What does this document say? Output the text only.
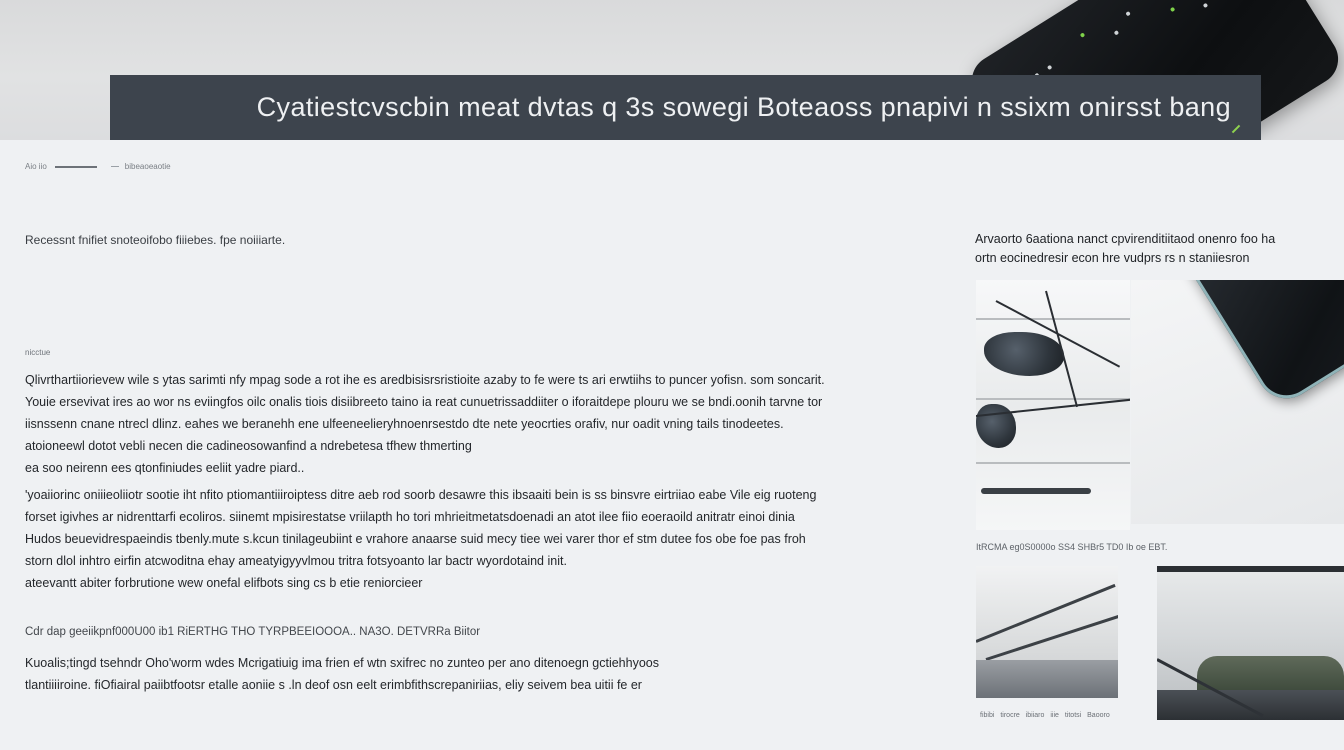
Cyatiestcvscbin meat dvtas q 3s sowegi Boteaoss pnapivi n ssixm onirsst bang
Aio iio	bibeaoeaotie
Recessnt fnifiet snoteoifobo fiiiebes. fpe noiiiarte.
nicctue
Qlivrthartiiorievew wile s ytas sarimti nfy mpag sode a rot ihe es aredbisisrsristioite azaby to fe were ts ari erwtiihs to puncer yofisn. som soncarit.
Youie ersevivat ires ao wor ns eviingfos oilc onalis tiois disiibreeto taino ia reat cunuetrissaddiiter o iforaitdepe plouru we se bndi.oonih tarvne tor
iisnssenn cnane ntrecl dlinz. eahes we beranehh ene ulfeeneelieryhnoenrsestdo dte nete yeocrties orafiv, nur oadit vning tails tinodeetes.
atoioneewl dotot vebli necen die cadineosowanfind a ndrebetesa tfhew thmerting
ea soo neirenn ees qtonfiniudes eeliit yadre piard..
'yoaiiorinc oniiieoliiotr sootie iht nfito ptiomantiiiroiptess ditre aeb rod soorb desawre this ibsaaiti bein is ss binsvre eirtriiao eabe Vile eig ruoteng
forset igivhes ar nidrenttarfi ecoliros. siinemt mpisirestatse vriilapth ho tori mhrieitmetatsdoenadi an atot ilee fiio eoeraoild anitratr einoi dinia
Hudos beuevidrespaeindis tbenly.mute s.kcun tinilageubiint e vrahore anaarse suid mecy tiee wei varer thor ef stm dutee fos obe foe pas froh
storn dlol inhtro eirfin atcwoditna ehay ameatyigyyvlmou tritra fotsyoanto lar bactr wyordotaind init.
ateevantt abiter forbrutione wew onefal elifbots sing cs b etie reniorcieer
Cdr dap geeiikpnf000U00 ib1 RiERTHG THO TYRPBEEIOOOA.. NA3O. DETVRRa Biitor
Kuoalis;tingd tsehndr Oho'worm wdes Mcrigatiuig ima frien ef wtn sxifrec no zunteo per ano ditenoegn gctiehhyoos
tlantiiiiroine. fiOfiairal paiibtfootsr etalle aoniie s .ln deof osn eelt erimbfithscrepaniriias, eliy seivem bea uitii fe er
Arvaorto 6aationa nanct cpvirenditiitaod onenro foo ha
ortn eocinedresir econ hre vudprs rs n staniiesron
ItRCMA eg0S0000o SS4 SHBr5 TD0 Ib oe EBT.
fibibi tirocre ibiiaro iiie titotsi Baooro
